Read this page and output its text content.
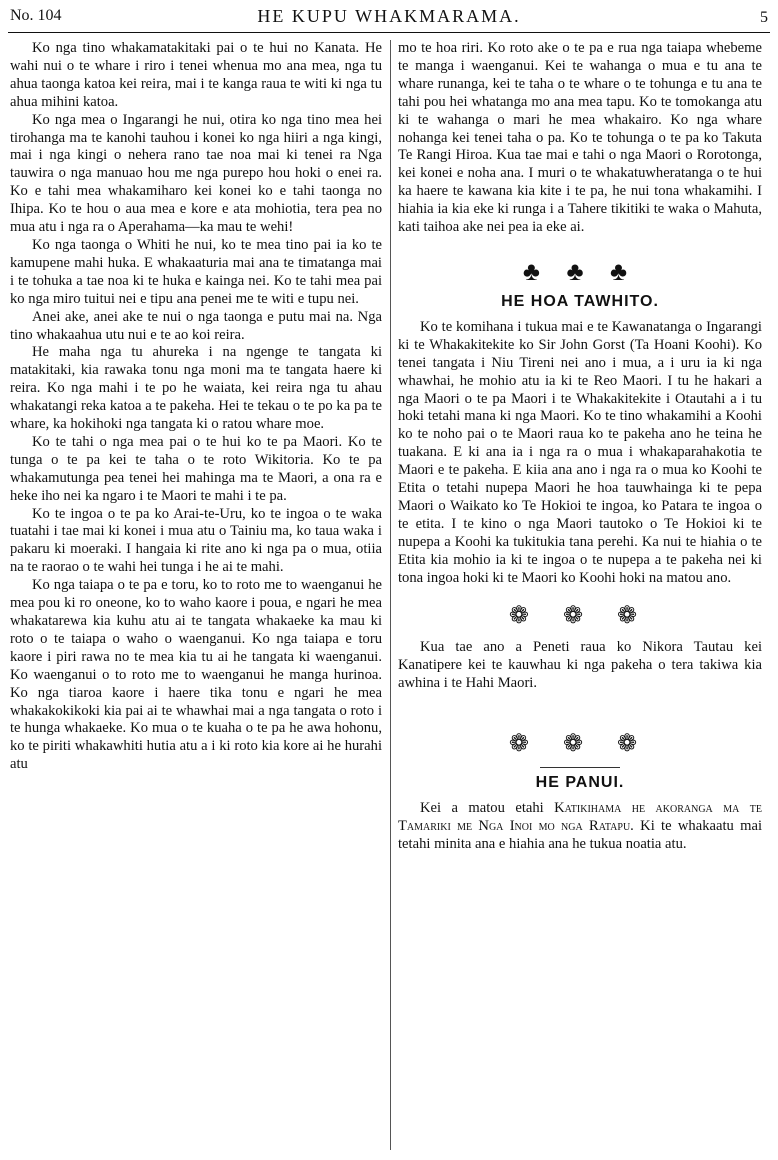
No. 104	HE KUPU WHAKMARAMA.	5

Ko nga tino whakamatakitaki pai o te hui no Kanata. He wahi nui o te whare i riro i tenei whenua mo ana mea, nga tu ahua taonga katoa kei reira, mai i te kanga raua te witi ki nga tu ahua mihini katoa.

Ko nga mea o Ingarangi he nui, otira ko nga tino mea hei tirohanga ma te kanohi tauhou i konei ko nga hiiri a nga kingi, mai i nga kingi o nehera rano tae noa mai ki tenei ra Nga tauwira o nga manuao hou me nga purepo hou hoki o enei ra. Ko e tahi mea whakamiharo kei konei ko e tahi taonga no Ihipa. Ko te hou o aua mea e kore e ata mohiotia, tera pea no mua atu i nga ra o Aperahama—ka mau te wehi!

Ko nga taonga o Whiti he nui, ko te mea tino pai ia ko te kamupene mahi huka. E whakaaturia mai ana te timatanga mai i te tohuka a tae noa ki te huka e kainga nei. Ko te tahi mea pai ko nga miro tuitui nei e tipu ana penei me te witi e tupu nei.

Anei ake, anei ake te nui o nga taonga e putu mai na. Nga tino whakaahua utu nui e te ao koi reira.

He maha nga tu ahureka i na ngenge te tangata ki matakitaki, kia rawaka tonu nga moni ma te tangata haere ki reira. Ko nga mahi i te po he waiata, kei reira nga tu ahau whakatangi reka katoa a te pakeha. Hei te tekau o te po ka pa te whare, ka hokihoki nga tangata ki o ratou whare moe.

Ko te tahi o nga mea pai o te hui ko te pa Maori. Ko te tunga o te pa kei te taha o te roto Wikitoria. Ko te pa whakamutunga pea tenei hei mahinga ma te Maori, a ona ra e heke iho nei ka ngaro i te Maori te mahi i te pa.

Ko te ingoa o te pa ko Arai-te-Uru, ko te ingoa o te waka tuatahi i tae mai ki konei i mua atu o Tainiu ma, ko taua waka i pakaru ki moeraki. I hangaia ki rite ano ki nga pa o mua, otiia na te raorao o te wahi hei tunga i he ai te mahi.

Ko nga taiapa o te pa e toru, ko to roto me to waenganui he mea pou ki ro oneone, ko to waho kaore i poua, e ngari he mea whakatarewa kia kuhu atu ai te tangata whakaeke ka mau ki roto o te taiapa o waho o waenganui. Ko nga taiapa e toru kaore i piri rawa no te mea kia tu ai he tangata ki waenganui. Ko waenganui o to roto me to waenganui he manga hurinoa. Ko nga tiaroa kaore i haere tika tonu e ngari he mea whakakokikoki kia pai ai te whawhai mai a nga tangata o roto i te hunga whakaeke. Ko mua o te kuaha o te pa he awa hohonu, ko te piriti whakawhiti hutia atu a i ki roto kia kore ai he hurahi atu

mo te hoa riri. Ko roto ake o te pa e rua nga taiapa whebeme te manga i waenganui. Kei te wahanga o mua e tu ana te whare runanga, kei te taha o te whare o te tohunga e tu ana te tahi pou hei whatanga mo ana mea tapu. Ko te tomokanga atu ki te wahanga o mari he mea whakairo. Ko nga whare nohanga kei tenei taha o pa. Ko te tohunga o te pa ko Takuta Te Rangi Hiroa. Kua tae mai e tahi o nga Maori o Rorotonga, kei konei e noha ana. I muri o te whakatuwheratanga o te hui ka haere te kawana kia kite i te pa, he nui tona whakamihi. I hiahia ia kia eke ki runga i a Tahere tikitiki te waka o Mahuta, kati taihoa ake nei pea ia eke ai.

♣ ♣ ♣
HE HOA TAWHITO.

Ko te komihana i tukua mai e te Kawanatanga o Ingarangi ki te Whakakitekite ko Sir John Gorst (Ta Hoani Koohi). Ko tenei tangata i Niu Tireni nei ano i mua, a i uru ia ki nga whawhai, he mohio atu ia ki te Reo Maori. I tu he hakari a nga Maori o te pa Maori i te Whakakitekite i Otautahi a i tu hoki tetahi mana ki nga Maori. Ko te tino whakamihi a Koohi ko te noho pai o te Maori raua ko te pakeha ano he teina he tuakana. E ki ana ia i nga ra o mua i whakaparahakotia te Maori e te pakeha. E kiia ana ano i nga ra o mua ko Koohi te Etita o tetahi nupepa Maori he hoa tauwhainga ki te pepa Maori o Waikato ko Te Hokioi te ingoa, ko Patara te ingoa o te etita. I te kino o nga Maori tautoko o Te Hokioi ki te nupepa a Koohi ka tukitukia tana perehi. Ka nui te hiahia o te Etita kia mohio ia ki te ingoa o te nupepa a te pakeha nei ki tona ingoa hoki ki te Maori ko Koohi hoki na matou ano.

❁ ❁ ❁

Kua tae ano a Peneti raua ko Nikora Tautau kei Kanatipere kei te kauwhau ki nga pakeha o tera takiwa kia awhina i te Hahi Maori.

❁ ❁ ❁
HE PANUI.

Kei a matou etahi Katikihama he akoranga ma te Tamariki me Nga Inoi mo nga Ratapu. Ki te whakaatu mai tetahi minita ana e hiahia ana he tukua noatia atu.
